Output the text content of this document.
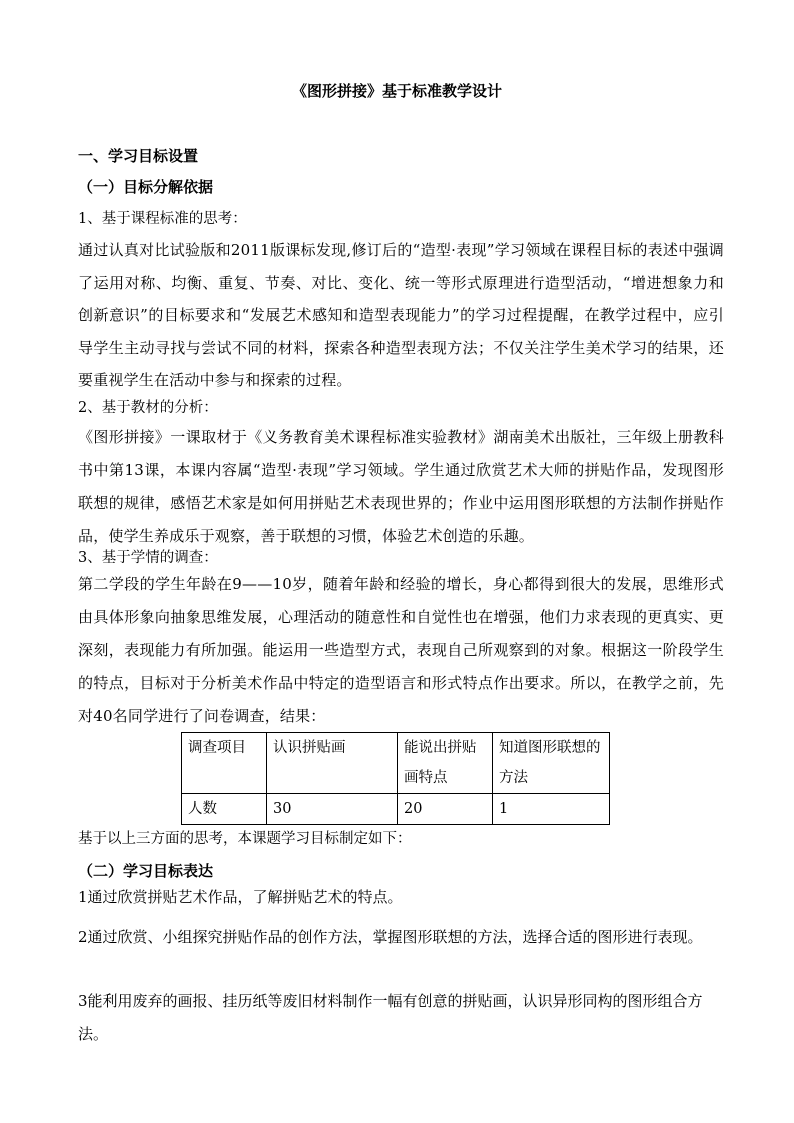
《图形拼接》基于标准教学设计
一、学习目标设置
（一）目标分解依据
1、基于课程标准的思考：
通过认真对比试验版和2011版课标发现,修订后的“造型·表现”学习领域在课程目标的表述中强调了运用对称、均衡、重复、节奏、对比、变化、统一等形式原理进行造型活动，“增进想象力和创新意识”的目标要求和“发展艺术感知和造型表现能力”的学习过程提醒，在教学过程中，应引导学生主动寻找与尝试不同的材料，探索各种造型表现方法；不仅关注学生美术学习的结果，还要重视学生在活动中参与和探索的过程。
2、基于教材的分析：
《图形拼接》一课取材于《义务教育美术课程标准实验教材》湖南美术出版社，三年级上册教科书中第13课，本课内容属“造型·表现”学习领域。学生通过欣赏艺术大师的拼贴作品，发现图形联想的规律，感悟艺术家是如何用拼贴艺术表现世界的；作业中运用图形联想的方法制作拼贴作品，使学生养成乐于观察，善于联想的习惯，体验艺术创造的乐趣。
3、基于学情的调查：
第二学段的学生年龄在9——10岁，随着年龄和经验的增长，身心都得到很大的发展，思维形式由具体形象向抽象思维发展，心理活动的随意性和自觉性也在增强，他们力求表现的更真实、更深刻，表现能力有所加强。能运用一些造型方式，表现自己所观察到的对象。根据这一阶段学生的特点，目标对于分析美术作品中特定的造型语言和形式特点作出要求。所以，在教学之前，先对40名同学进行了问卷调查，结果：
调查项目	认识拼贴画	能说出拼贴画特点	知道图形联想的方法
人数	30	20	1
基于以上三方面的思考，本课题学习目标制定如下：
（二）学习目标表达
1通过欣赏拼贴艺术作品，了解拼贴艺术的特点。
2通过欣赏、小组探究拼贴作品的创作方法，掌握图形联想的方法，选择合适的图形进行表现。
3能利用废弃的画报、挂历纸等废旧材料制作一幅有创意的拼贴画，认识异形同构的图形组合方法。
